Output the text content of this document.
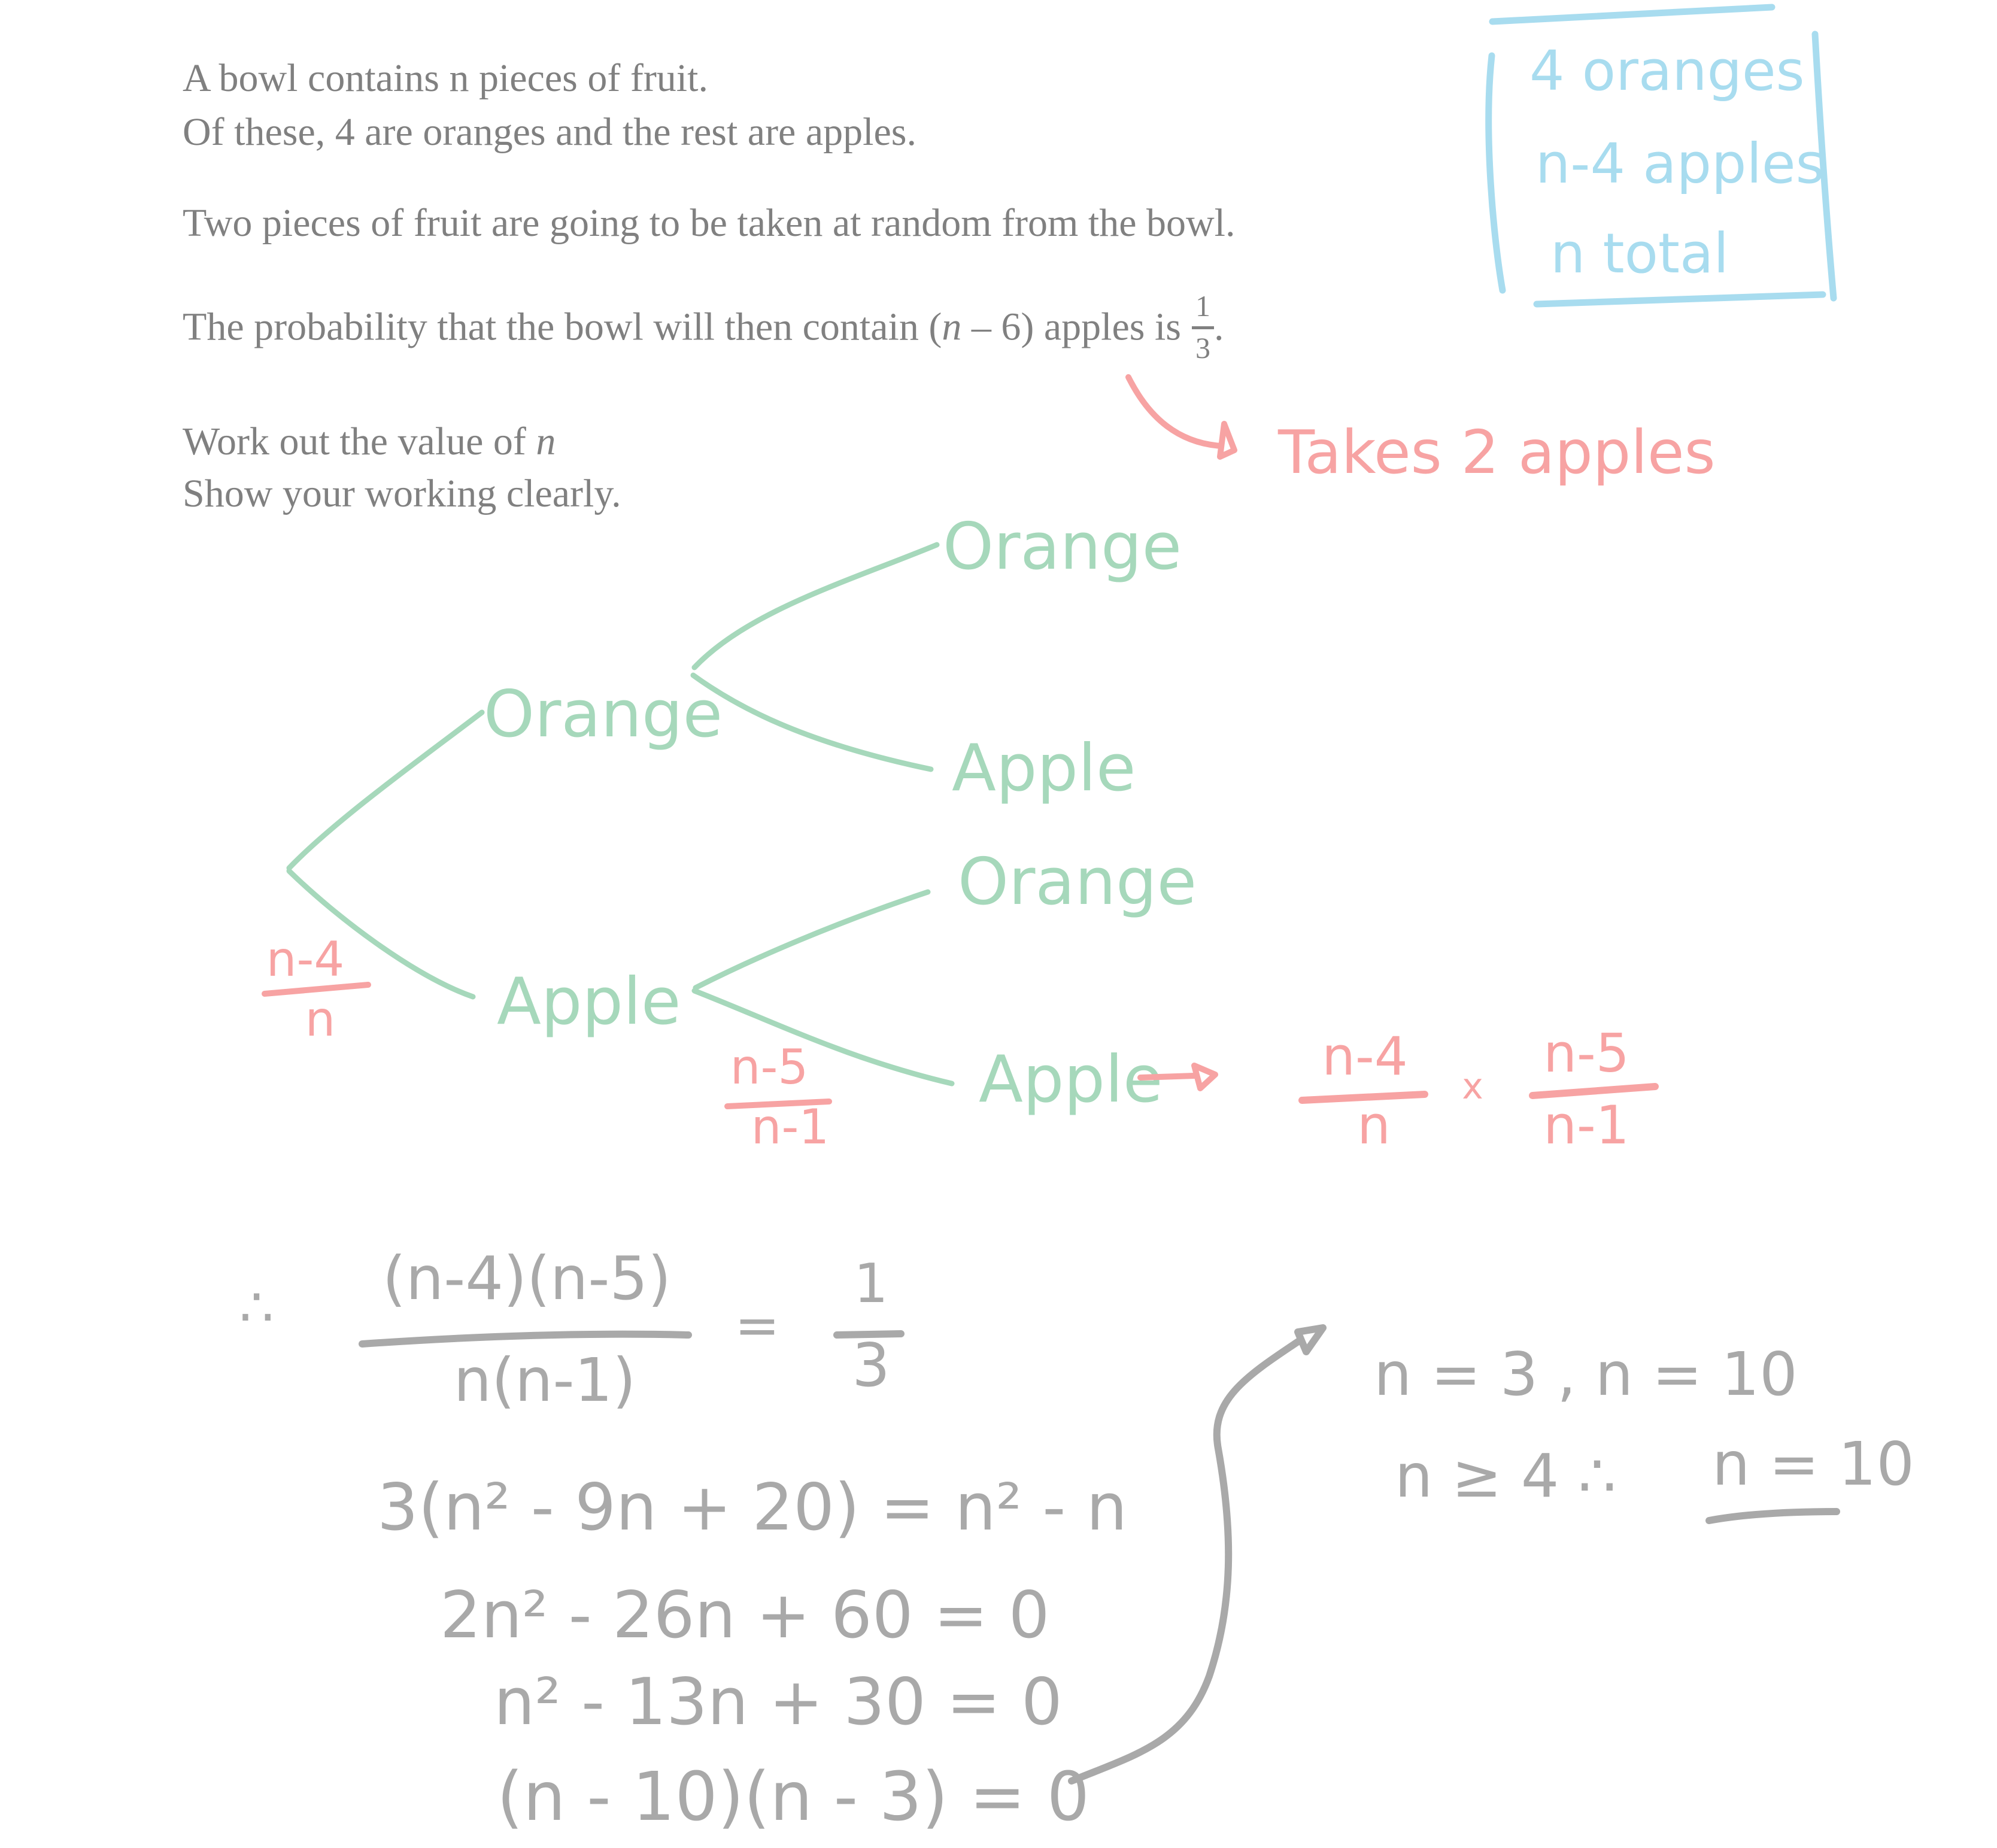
A bowl contains n pieces of fruit.
Of these, 4 are oranges and the rest are apples.
Two pieces of fruit are going to be taken at random from the bowl.
The probability that the bowl will then contain (n – 6) apples is $\frac{1}{3}$ .
Work out the value of n
Show your working clearly.
4 oranges
n-4 apples
n total
Takes 2 apples
Orange
Apple
Orange
Apple
Orange
Apple
n-4
n
n-5
n-1
n-4
n
x
n-5
n-1
∴ (n-4)(n-5)
n(n-1)
=
1
3
3(n² - 9n + 20) = n² - n
2n² - 26n + 60 = 0
n² - 13n + 30 = 0
(n - 10)(n - 3) = 0
n = 3 , n = 10
n ≥ 4 ∴ n = 10
